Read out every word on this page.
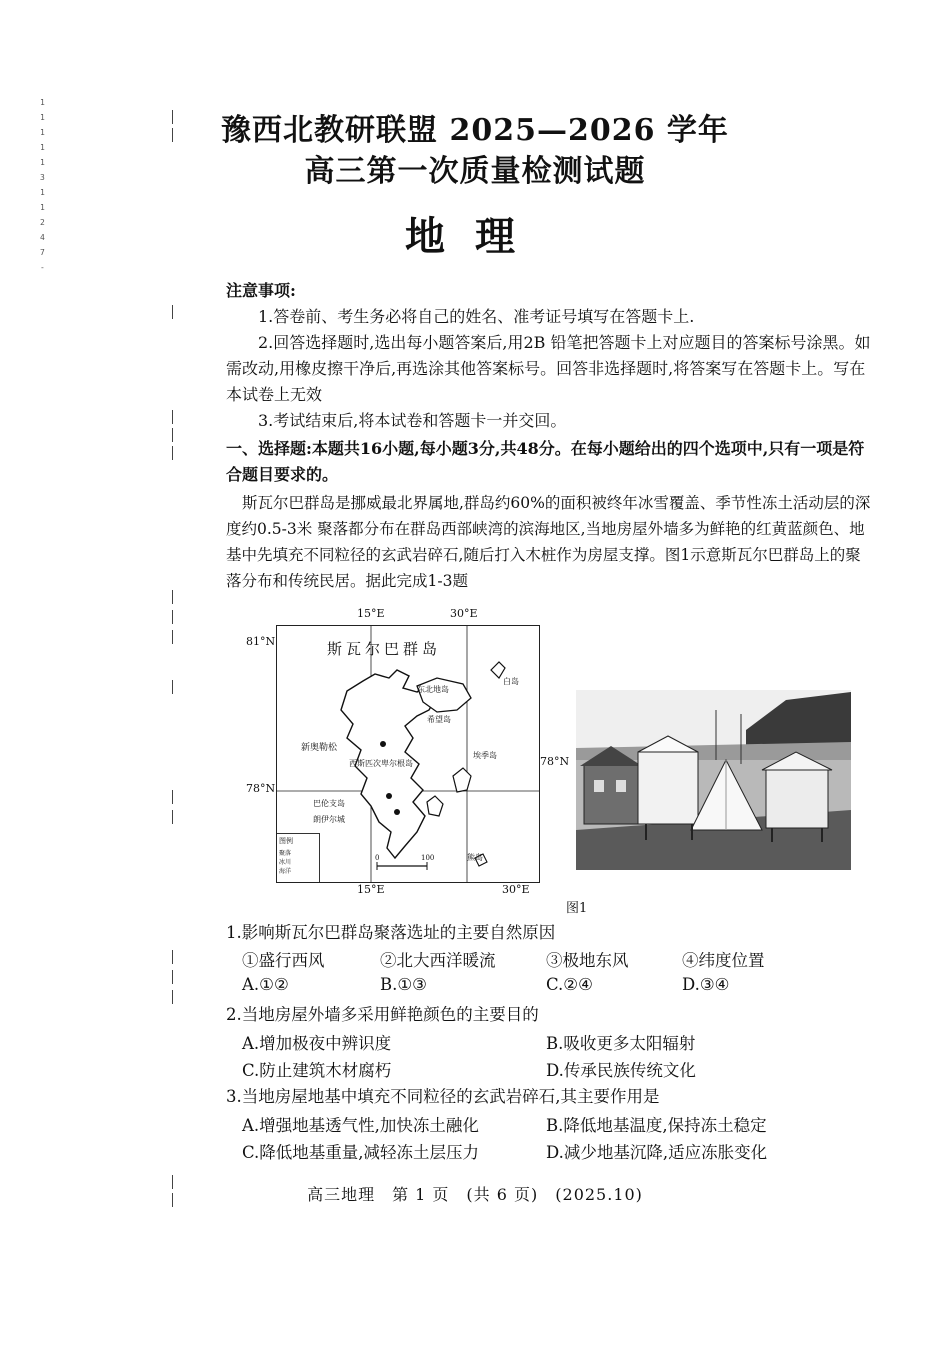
1
1
1
1
1
3
1
1
2
4
7
-
豫西北教研联盟 2025—2026 学年
高三第一次质量检测试题
地理
注意事项:
1.答卷前、考生务必将自己的姓名、准考证号填写在答题卡上.
2.回答选择题时,选出每小题答案后,用2B 铅笔把答题卡上对应题目的答案标号涂黑。如需改动,用橡皮擦干净后,再选涂其他答案标号。回答非选择题时,将答案写在答题卡上。写在本试卷上无效
3.考试结束后,将本试卷和答题卡一并交回。
一、选择题:本题共16小题,每小题3分,共48分。在每小题给出的四个选项中,只有一项是符合题目要求的。
斯瓦尔巴群岛是挪威最北界属地,群岛约60%的面积被终年冰雪覆盖、季节性冻土活动层的深度约0.5-3米 聚落都分布在群岛西部峡湾的滨海地区,当地房屋外墙多为鲜艳的红黄蓝颜色、地基中先填充不同粒径的玄武岩碎石,随后打入木桩作为房屋支撑。图1示意斯瓦尔巴群岛上的聚落分布和传统民居。据此完成1-3题
15°E	30°E
81°N
78°N
78°N
斯瓦尔巴群岛
东北地岛
新奥勒松
西斯匹次卑尔根岛
巴伦支岛
朗伊尔城
埃季岛
熊岛
希望岛
白岛
0	100
图例
聚落
冰川
海洋
15°E	30°E
图1
1.影响斯瓦尔巴群岛聚落选址的主要自然原因
①盛行西风	②北大西洋暖流	③极地东风	④纬度位置
A.①②	B.①③	C.②④	D.③④
2.当地房屋外墙多采用鲜艳颜色的主要目的
A.增加极夜中辨识度	B.吸收更多太阳辐射
C.防止建筑木材腐朽	D.传承民族传统文化
3.当地房屋地基中填充不同粒径的玄武岩碎石,其主要作用是
A.增强地基透气性,加快冻土融化	B.降低地基温度,保持冻土稳定
C.降低地基重量,减轻冻土层压力	D.减少地基沉降,适应冻胀变化
高三地理　第 1 页　(共 6 页)　(2025.10)
